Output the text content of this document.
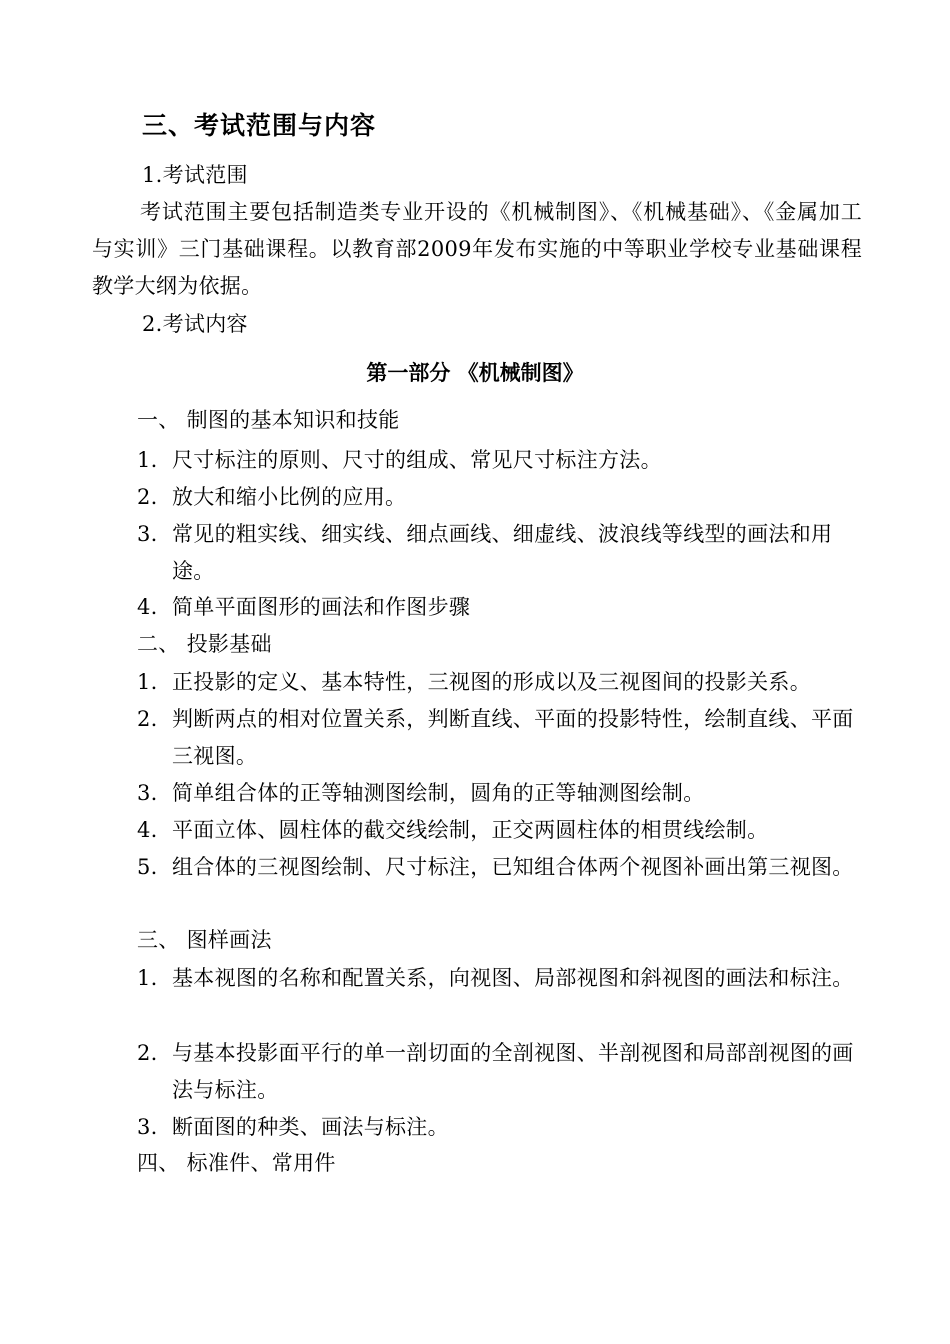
三、考试范围与内容
1.考试范围
考试范围主要包括制造类专业开设的《机械制图》、《机械基础》、《金属加工与实训》三门基础课程。以教育部2009年发布实施的中等职业学校专业基础课程教学大纲为依据。
2.考试内容
第一部分 《机械制图》
一、 制图的基本知识和技能
1. 尺寸标注的原则、尺寸的组成、常见尺寸标注方法。
2. 放大和缩小比例的应用。
3. 常见的粗实线、细实线、细点画线、细虚线、波浪线等线型的画法和用途。
4. 简单平面图形的画法和作图步骤
二、 投影基础
1. 正投影的定义、基本特性，三视图的形成以及三视图间的投影关系。
2. 判断两点的相对位置关系，判断直线、平面的投影特性，绘制直线、平面三视图。
3. 简单组合体的正等轴测图绘制，圆角的正等轴测图绘制。
4. 平面立体、圆柱体的截交线绘制，正交两圆柱体的相贯线绘制。
5. 组合体的三视图绘制、尺寸标注，已知组合体两个视图补画出第三视图。
三、 图样画法
1. 基本视图的名称和配置关系，向视图、局部视图和斜视图的画法和标注。
2. 与基本投影面平行的单一剖切面的全剖视图、半剖视图和局部剖视图的画法与标注。
3. 断面图的种类、画法与标注。
四、 标准件、常用件
